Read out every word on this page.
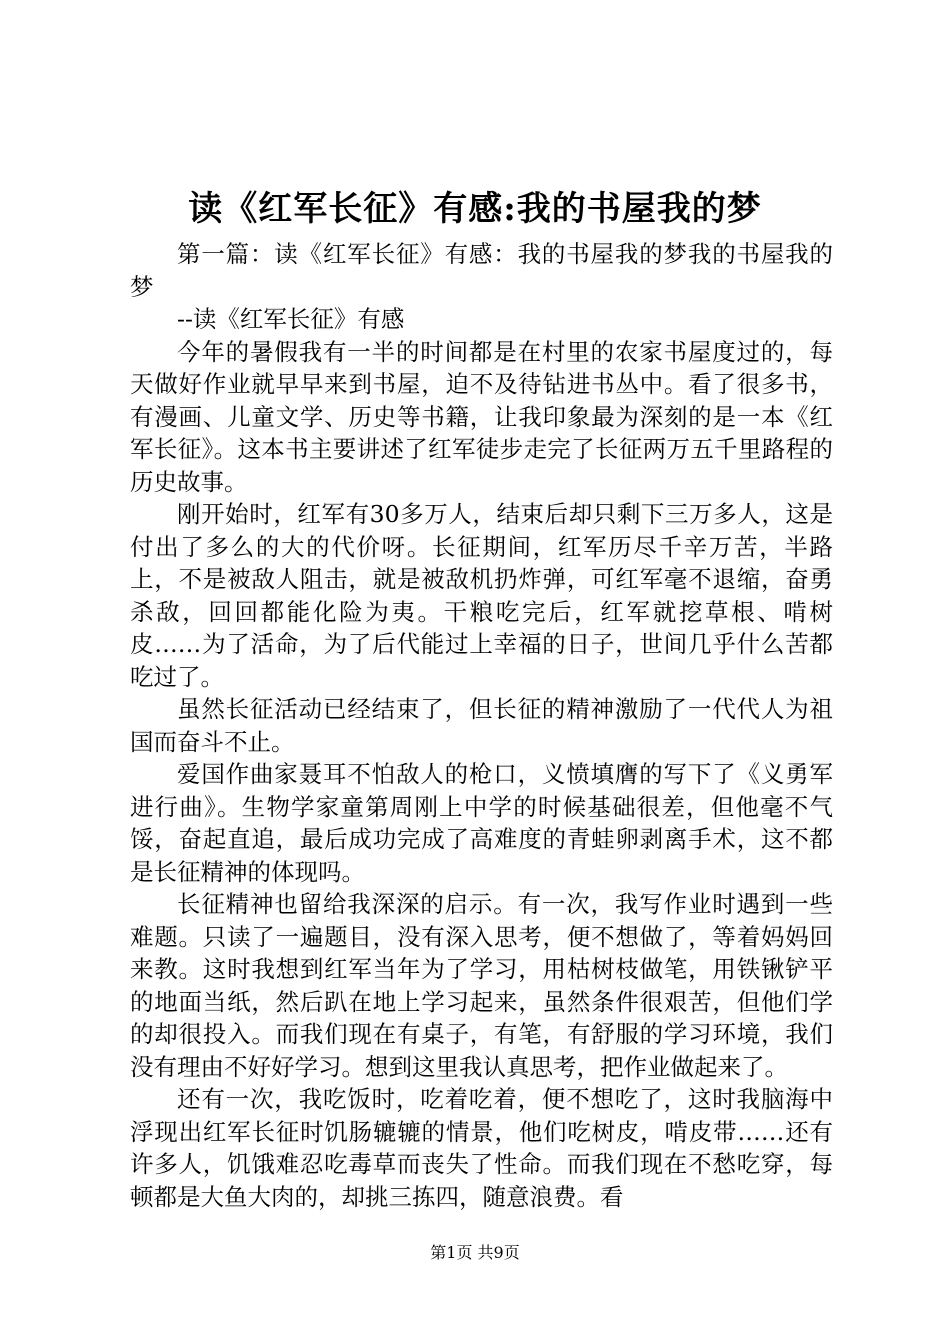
读《红军长征》有感:我的书屋我的梦

第一篇：读《红军长征》有感：我的书屋我的梦我的书屋我的梦

--读《红军长征》有感

今年的暑假我有一半的时间都是在村里的农家书屋度过的，每天做好作业就早早来到书屋，迫不及待钻进书丛中。看了很多书，有漫画、儿童文学、历史等书籍，让我印象最为深刻的是一本《红军长征》。这本书主要讲述了红军徒步走完了长征两万五千里路程的历史故事。

刚开始时，红军有30多万人，结束后却只剩下三万多人，这是付出了多么的大的代价呀。长征期间，红军历尽千辛万苦，半路上，不是被敌人阻击，就是被敌机扔炸弹，可红军毫不退缩，奋勇杀敌，回回都能化险为夷。干粮吃完后，红军就挖草根、啃树皮……为了活命，为了后代能过上幸福的日子，世间几乎什么苦都吃过了。

虽然长征活动已经结束了，但长征的精神激励了一代代人为祖国而奋斗不止。

爱国作曲家聂耳不怕敌人的枪口，义愤填膺的写下了《义勇军进行曲》。生物学家童第周刚上中学的时候基础很差，但他毫不气馁，奋起直追，最后成功完成了高难度的青蛙卵剥离手术，这不都是长征精神的体现吗。

长征精神也留给我深深的启示。有一次，我写作业时遇到一些难题。只读了一遍题目，没有深入思考，便不想做了，等着妈妈回来教。这时我想到红军当年为了学习，用枯树枝做笔，用铁锹铲平的地面当纸，然后趴在地上学习起来，虽然条件很艰苦，但他们学的却很投入。而我们现在有桌子，有笔，有舒服的学习环境，我们没有理由不好好学习。想到这里我认真思考，把作业做起来了。

还有一次，我吃饭时，吃着吃着，便不想吃了，这时我脑海中浮现出红军长征时饥肠辘辘的情景，他们吃树皮，啃皮带……还有许多人，饥饿难忍吃毒草而丧失了性命。而我们现在不愁吃穿，每顿都是大鱼大肉的，却挑三拣四，随意浪费。看

第1页 共9页
